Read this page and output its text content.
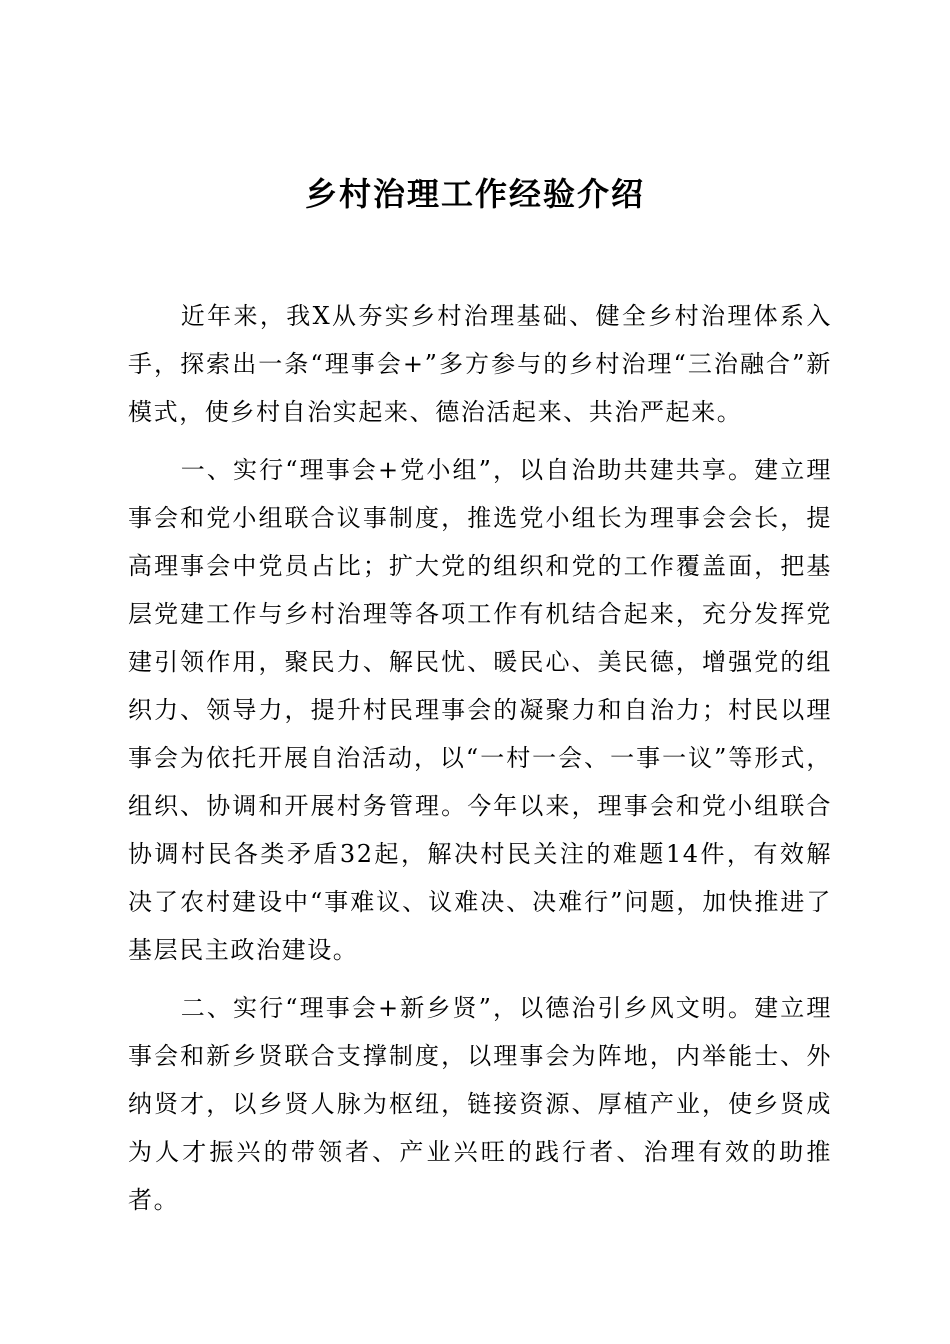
乡村治理工作经验介绍

近年来，我X从夯实乡村治理基础、健全乡村治理体系入手，探索出一条“理事会+”多方参与的乡村治理“三治融合”新模式，使乡村自治实起来、德治活起来、共治严起来。

一、实行“理事会+党小组”，以自治助共建共享。建立理事会和党小组联合议事制度，推选党小组长为理事会会长，提高理事会中党员占比；扩大党的组织和党的工作覆盖面，把基层党建工作与乡村治理等各项工作有机结合起来，充分发挥党建引领作用，聚民力、解民忧、暖民心、美民德，增强党的组织力、领导力，提升村民理事会的凝聚力和自治力；村民以理事会为依托开展自治活动，以“一村一会、一事一议”等形式，组织、协调和开展村务管理。今年以来，理事会和党小组联合协调村民各类矛盾32起，解决村民关注的难题14件，有效解决了农村建设中“事难议、议难决、决难行”问题，加快推进了基层民主政治建设。

二、实行“理事会+新乡贤”，以德治引乡风文明。建立理事会和新乡贤联合支撑制度，以理事会为阵地，内举能士、外纳贤才，以乡贤人脉为枢纽，链接资源、厚植产业，使乡贤成为人才振兴的带领者、产业兴旺的践行者、治理有效的助推者。
